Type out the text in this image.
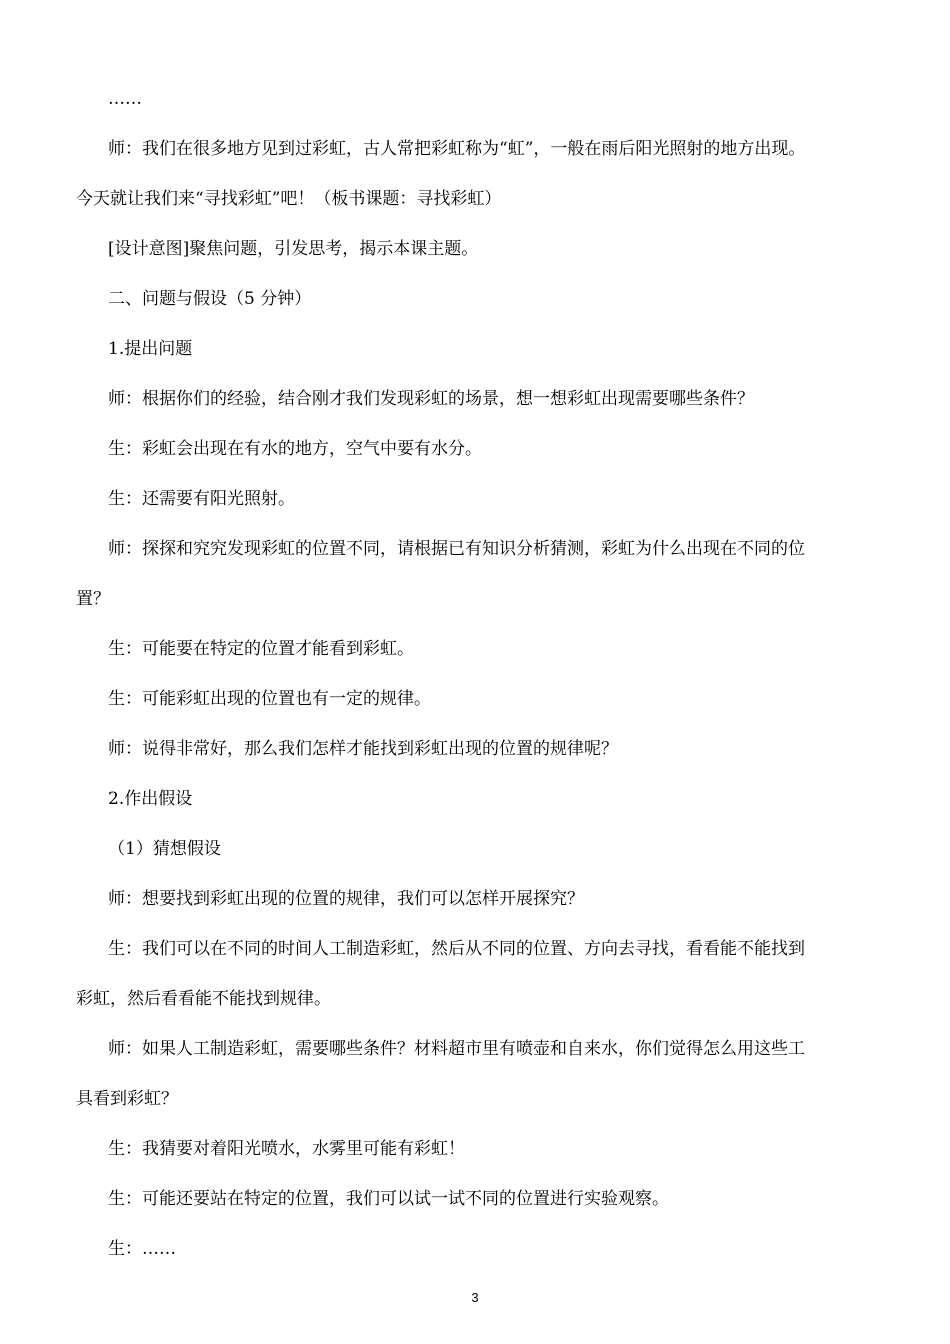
……
师：我们在很多地方见到过彩虹，古人常把彩虹称为“虹”，一般在雨后阳光照射的地方出现。
今天就让我们来“寻找彩虹”吧！（板书课题：寻找彩虹）
[设计意图]聚焦问题，引发思考，揭示本课主题。
二、问题与假设（5 分钟）
1.提出问题
师：根据你们的经验，结合刚才我们发现彩虹的场景，想一想彩虹出现需要哪些条件？
生：彩虹会出现在有水的地方，空气中要有水分。
生：还需要有阳光照射。
师：探探和究究发现彩虹的位置不同，请根据已有知识分析猜测，彩虹为什么出现在不同的位
置？
生：可能要在特定的位置才能看到彩虹。
生：可能彩虹出现的位置也有一定的规律。
师：说得非常好，那么我们怎样才能找到彩虹出现的位置的规律呢？
2.作出假设
（1）猜想假设
师：想要找到彩虹出现的位置的规律，我们可以怎样开展探究？
生：我们可以在不同的时间人工制造彩虹，然后从不同的位置、方向去寻找，看看能不能找到
彩虹，然后看看能不能找到规律。
师：如果人工制造彩虹，需要哪些条件？材料超市里有喷壶和自来水，你们觉得怎么用这些工
具看到彩虹？
生：我猜要对着阳光喷水，水雾里可能有彩虹！
生：可能还要站在特定的位置，我们可以试一试不同的位置进行实验观察。
生：……
3
